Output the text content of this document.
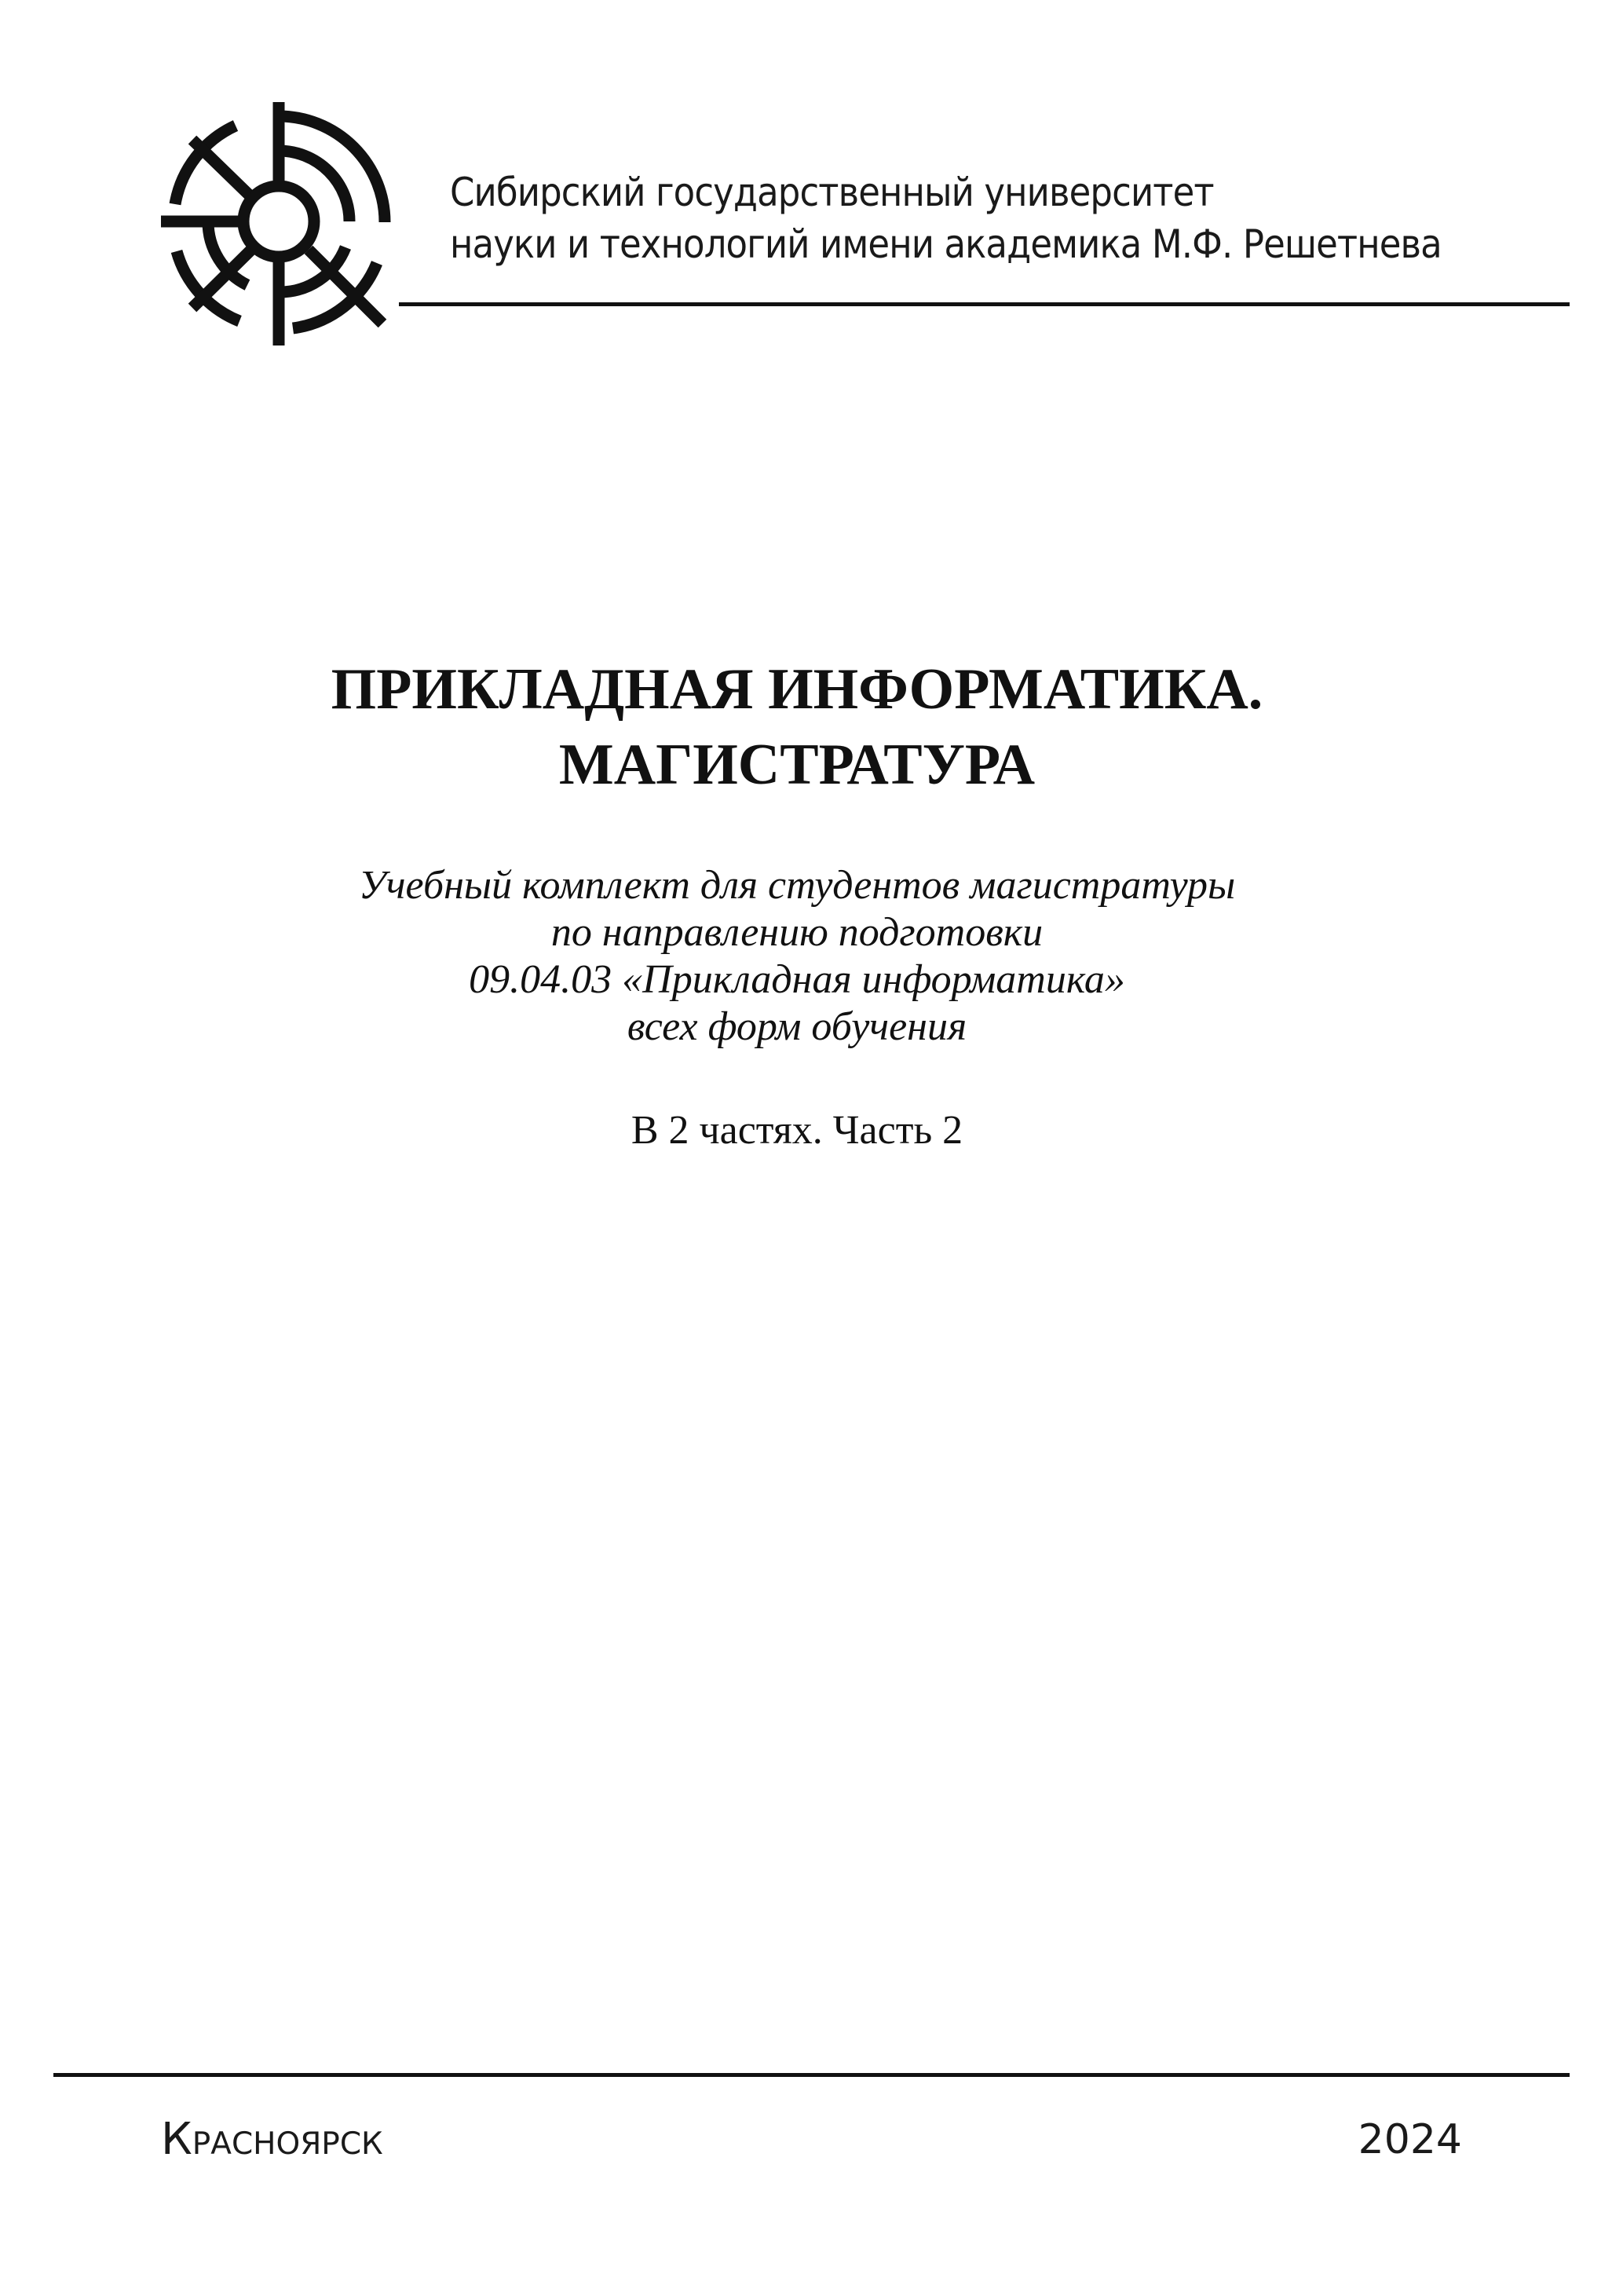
Сибирский государственный университет
науки и технологий имени академика М.Ф. Решетнева
ПРИКЛАДНАЯ ИНФОРМАТИКА.
МАГИСТРАТУРА
Учебный комплект для студентов магистратуры
по направлению подготовки
09.04.03 «Прикладная информатика»
всех форм обучения
В 2 частях. Часть 2
Красноярск	2024
